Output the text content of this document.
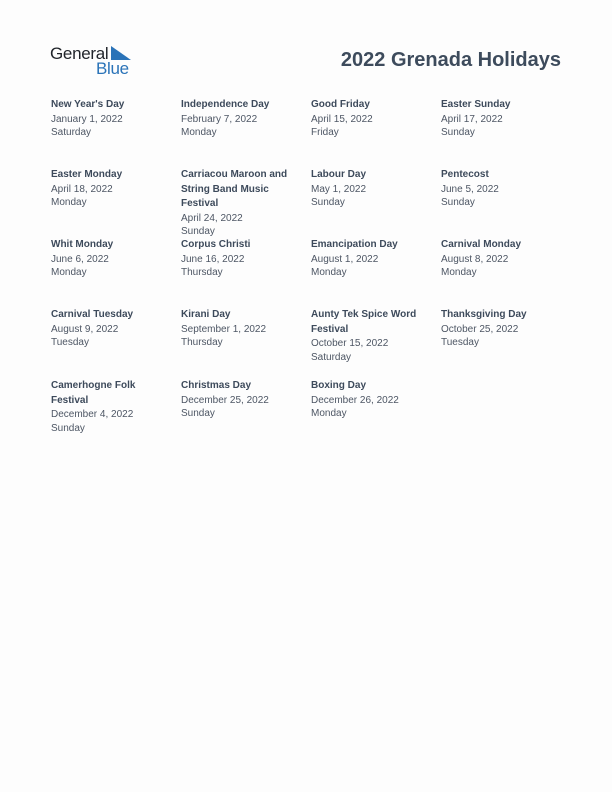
General
Blue	2022 Grenada Holidays
New Year's Day
January 1, 2022
Saturday
Independence Day
February 7, 2022
Monday
Good Friday
April 15, 2022
Friday
Easter Sunday
April 17, 2022
Sunday
Easter Monday
April 18, 2022
Monday
Carriacou Maroon and String Band Music Festival
April 24, 2022
Sunday
Labour Day
May 1, 2022
Sunday
Pentecost
June 5, 2022
Sunday
Whit Monday
June 6, 2022
Monday
Corpus Christi
June 16, 2022
Thursday
Emancipation Day
August 1, 2022
Monday
Carnival Monday
August 8, 2022
Monday
Carnival Tuesday
August 9, 2022
Tuesday
Kirani Day
September 1, 2022
Thursday
Aunty Tek Spice Word Festival
October 15, 2022
Saturday
Thanksgiving Day
October 25, 2022
Tuesday
Camerhogne Folk Festival
December 4, 2022
Sunday
Christmas Day
December 25, 2022
Sunday
Boxing Day
December 26, 2022
Monday
